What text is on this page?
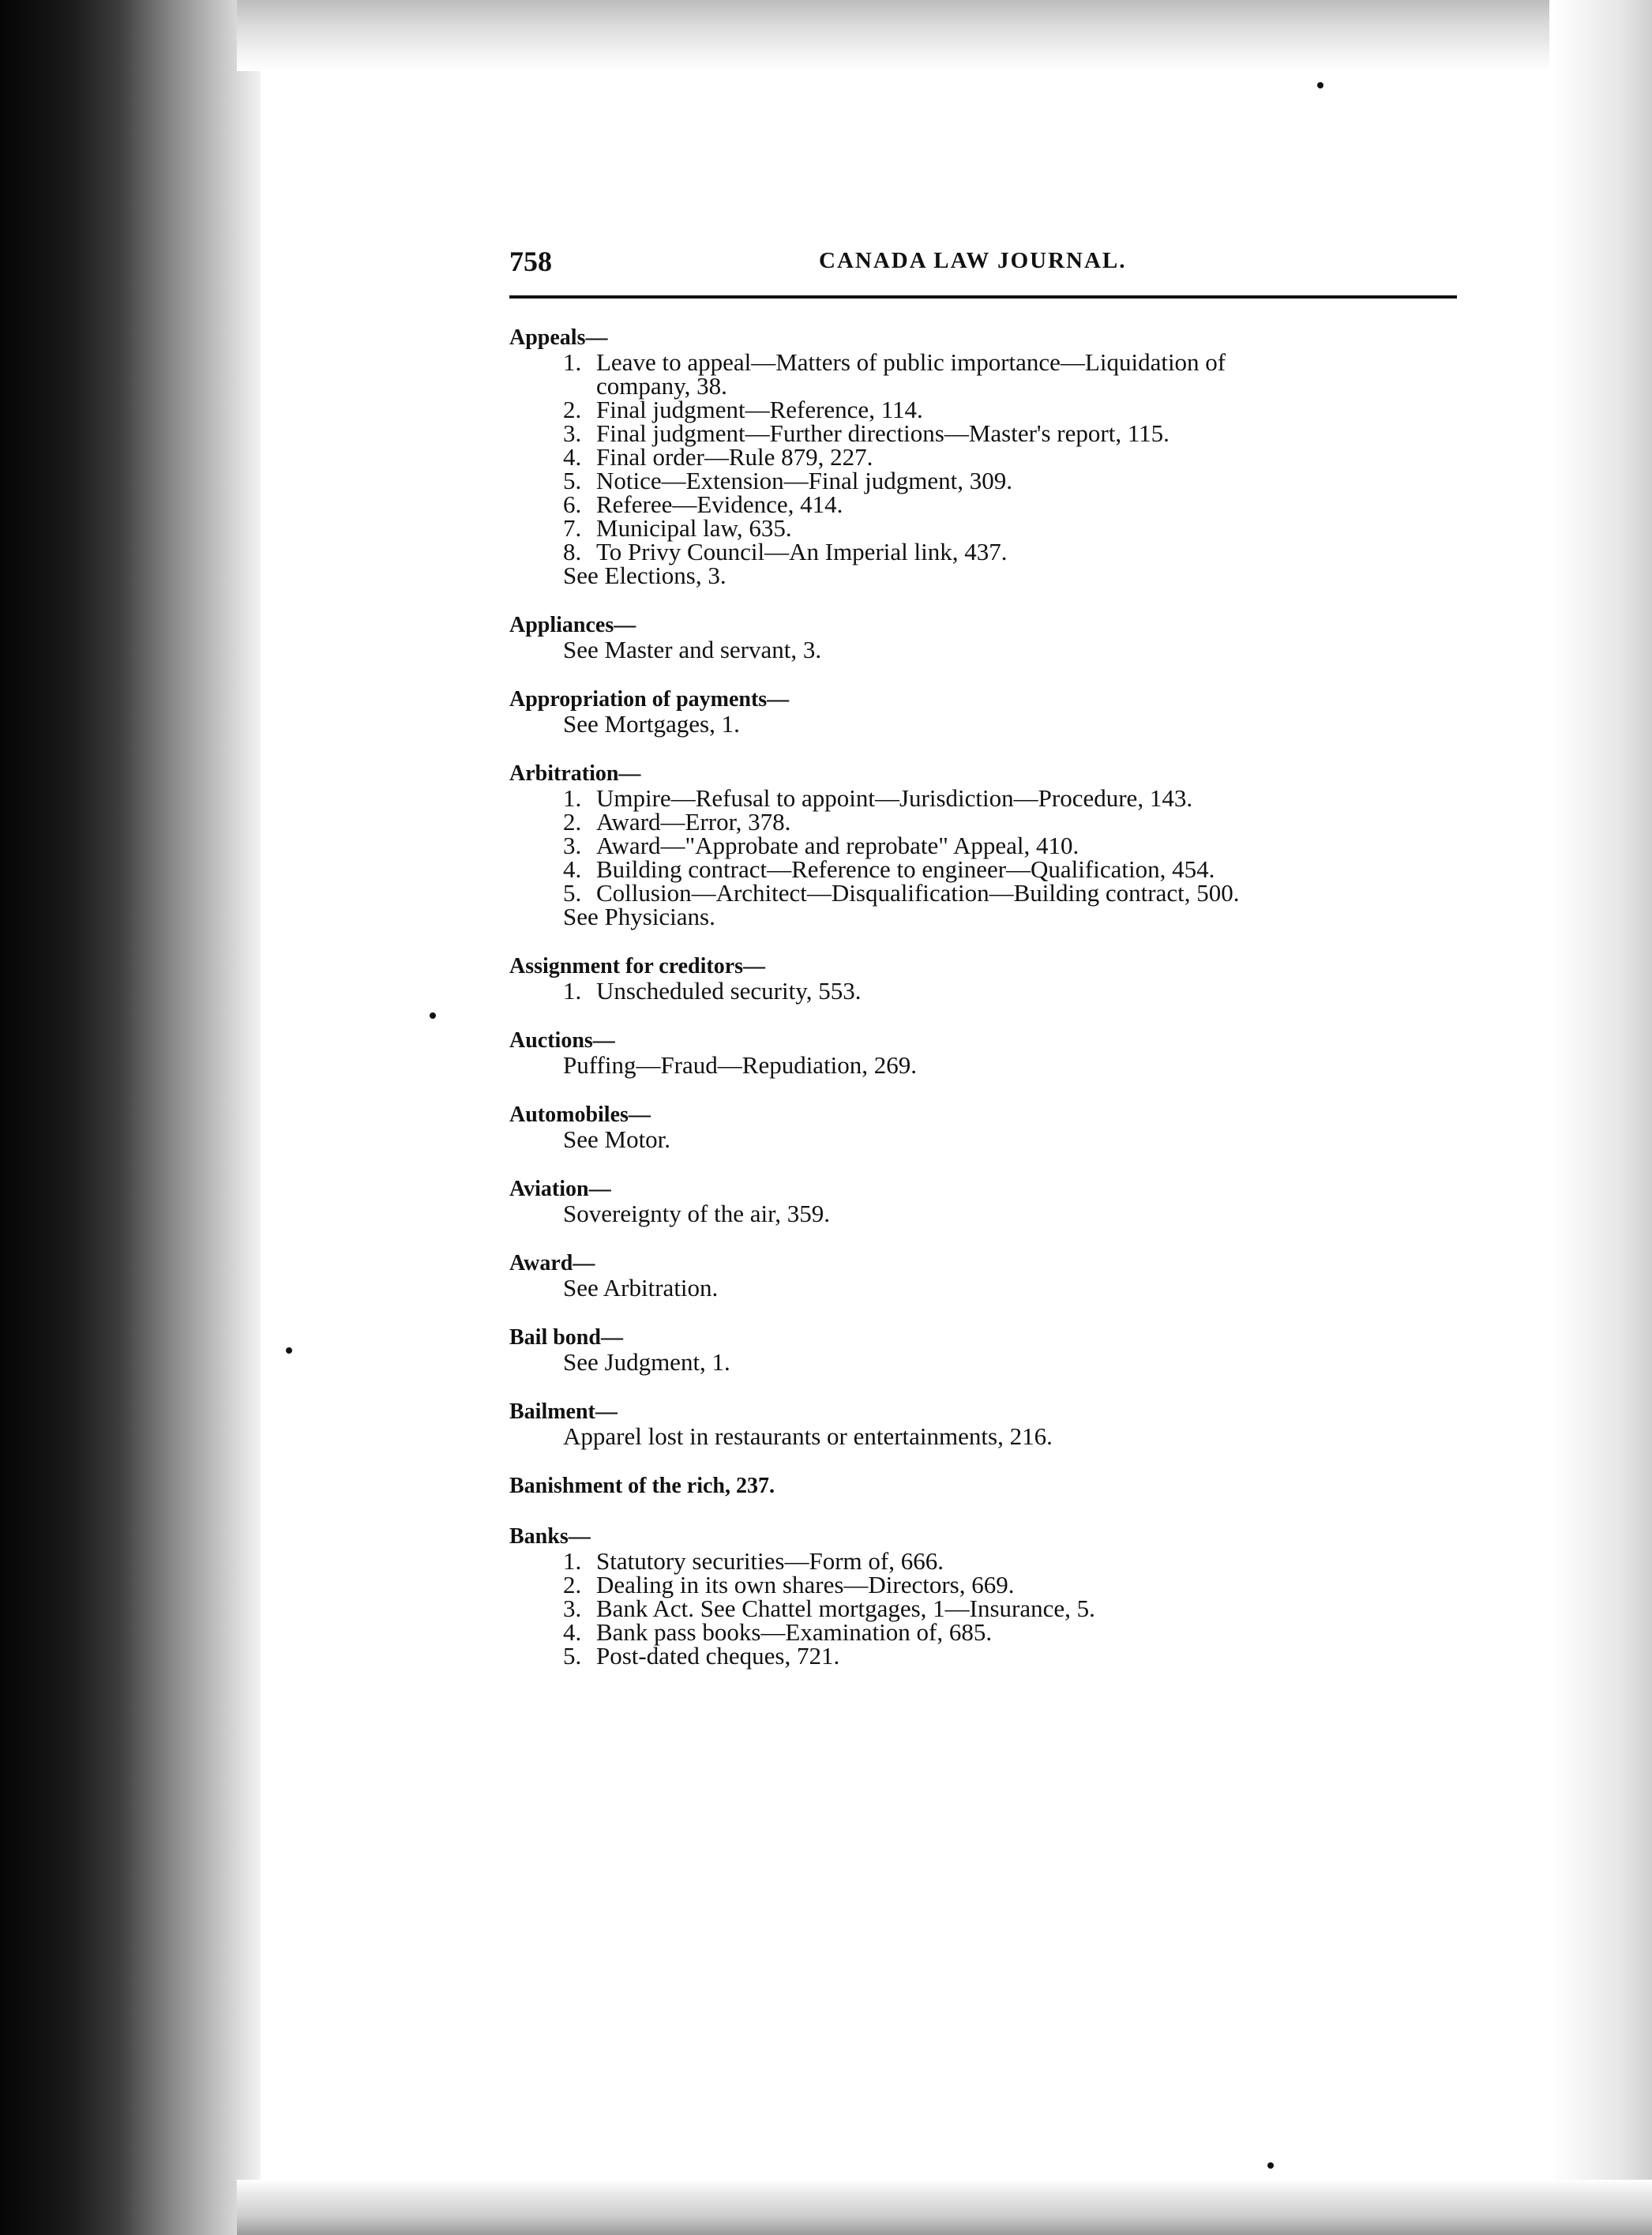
758	CANADA LAW JOURNAL.
Appeals—
1. Leave to appeal—Matters of public importance—Liquidation of
company, 38.
2. Final judgment—Reference, 114.
3. Final judgment—Further directions—Master's report, 115.
4. Final order—Rule 879, 227.
5. Notice—Extension—Final judgment, 309.
6. Referee—Evidence, 414.
7. Municipal law, 635.
8. To Privy Council—An Imperial link, 437.
See Elections, 3.
Appliances—
See Master and servant, 3.
Appropriation of payments—
See Mortgages, 1.
Arbitration—
1. Umpire—Refusal to appoint—Jurisdiction—Procedure, 143.
2. Award—Error, 378.
3. Award—"Approbate and reprobate" Appeal, 410.
4. Building contract—Reference to engineer—Qualification, 454.
5. Collusion—Architect—Disqualification—Building contract, 500.
See Physicians.
Assignment for creditors—
1. Unscheduled security, 553.
Auctions—
Puffing—Fraud—Repudiation, 269.
Automobiles—
See Motor.
Aviation—
Sovereignty of the air, 359.
Award—
See Arbitration.
Bail bond—
See Judgment, 1.
Bailment—
Apparel lost in restaurants or entertainments, 216.
Banishment of the rich, 237.
Banks—
1. Statutory securities—Form of, 666.
2. Dealing in its own shares—Directors, 669.
3. Bank Act. See Chattel mortgages, 1—Insurance, 5.
4. Bank pass books—Examination of, 685.
5. Post-dated cheques, 721.
